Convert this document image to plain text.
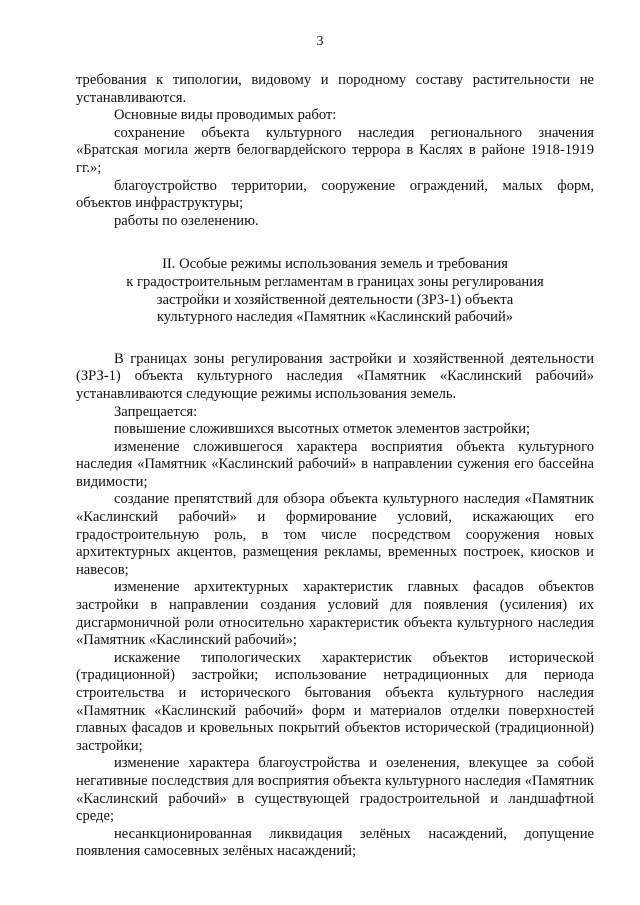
3

требования к типологии, видовому и породному составу растительности не устанавливаются.

Основные виды проводимых работ:

сохранение объекта культурного наследия регионального значения «Братская могила жертв белогвардейского террора в Каслях в районе 1918-1919 гг.»;

благоустройство территории, сооружение ограждений, малых форм, объектов инфраструктуры;

работы по озеленению.

II. Особые режимы использования земель и требования
к градостроительным регламентам в границах зоны регулирования
застройки и хозяйственной деятельности (ЗРЗ-1) объекта
культурного наследия «Памятник «Каслинский рабочий»

В границах зоны регулирования застройки и хозяйственной деятельности (ЗРЗ-1) объекта культурного наследия «Памятник «Каслинский рабочий» устанавливаются следующие режимы использования земель.

Запрещается:

повышение сложившихся высотных отметок элементов застройки;

изменение сложившегося характера восприятия объекта культурного наследия «Памятник «Каслинский рабочий» в направлении сужения его бассейна видимости;

создание препятствий для обзора объекта культурного наследия «Памятник «Каслинский рабочий» и формирование условий, искажающих его градостроительную роль, в том числе посредством сооружения новых архитектурных акцентов, размещения рекламы, временных построек, киосков и навесов;

изменение архитектурных характеристик главных фасадов объектов застройки в направлении создания условий для появления (усиления) их дисгармоничной роли относительно характеристик объекта культурного наследия «Памятник «Каслинский рабочий»;

искажение типологических характеристик объектов исторической (традиционной) застройки; использование нетрадиционных для периода строительства и исторического бытования объекта культурного наследия «Памятник «Каслинский рабочий» форм и материалов отделки поверхностей главных фасадов и кровельных покрытий объектов исторической (традиционной) застройки;

изменение характера благоустройства и озеленения, влекущее за собой негативные последствия для восприятия объекта культурного наследия «Памятник «Каслинский рабочий» в существующей градостроительной и ландшафтной среде;

несанкционированная ликвидация зелёных насаждений, допущение появления самосевных зелёных насаждений;
